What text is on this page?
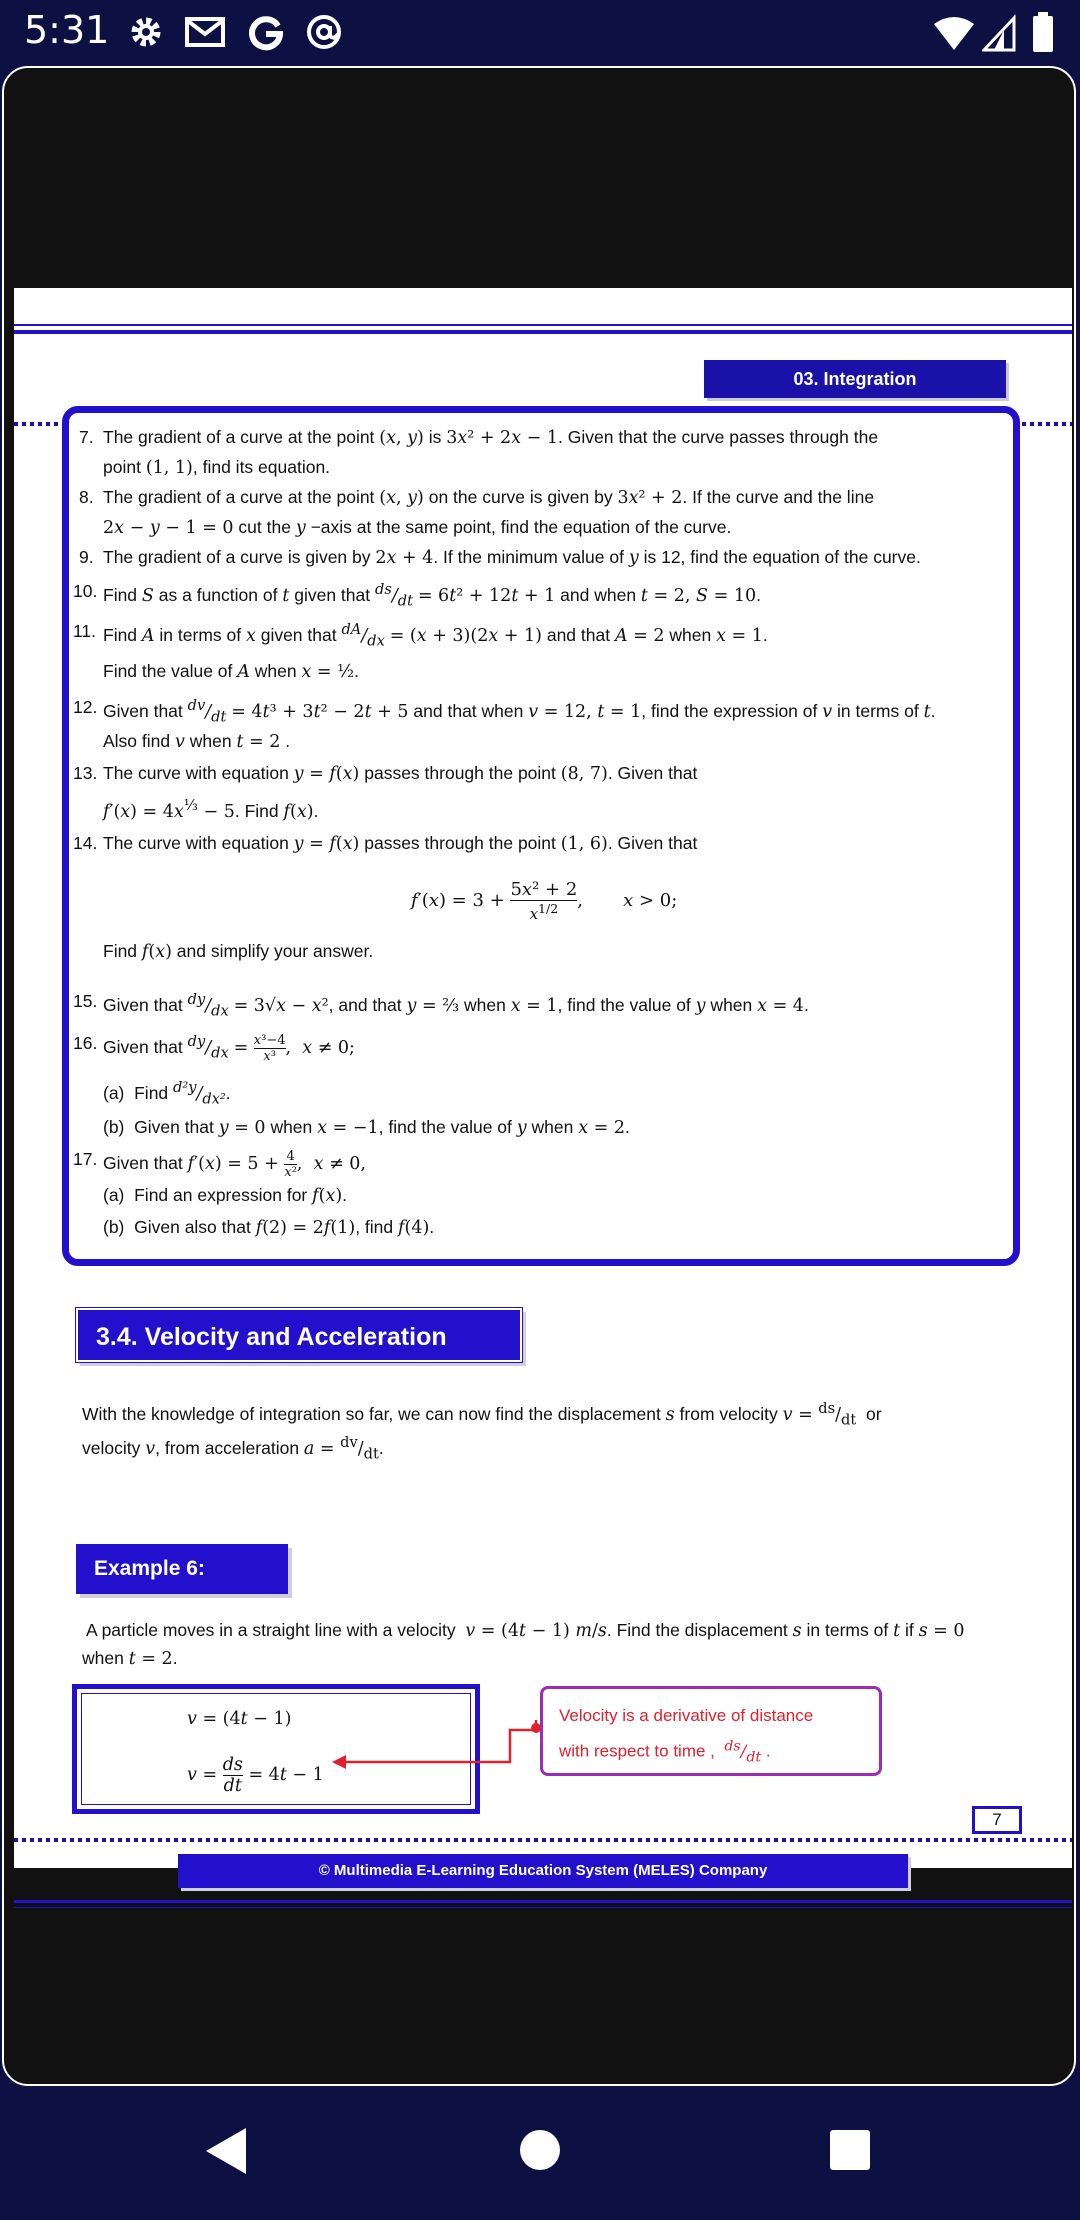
5:31
03. Integration
7. The gradient of a curve at the point (x, y) is 3x² + 2x − 1. Given that the curve passes through the
point (1, 1), find its equation.
8. The gradient of a curve at the point (x, y) on the curve is given by 3x² + 2. If the curve and the line
2x − y − 1 = 0 cut the y −axis at the same point, find the equation of the curve.
9. The gradient of a curve is given by 2x + 4. If the minimum value of y is 12, find the equation of the curve.
10. Find S as a function of t given that $^{ds}/_{dt} = 6t^2 + 12t + 1$ and when t = 2, S = 10.
11. Find A in terms of x given that $^{dA}/_{dx} = (x + 3)(2x + 1)$ and that A = 2 when x = 1.
Find the value of A when x = ½.
12. Given that $^{dv}/_{dt} = 4t^3 + 3t^2 - 2t + 5$ and that when v = 12, t = 1, find the expression of v in terms of t.
Also find v when t = 2 .
13. The curve with equation y = f(x) passes through the point (8, 7). Given that
$f'(x) = 4x^{\frac{1}{3}} - 5$. Find f(x).
14. The curve with equation y = f(x) passes through the point (1, 6). Given that
f′(x) = 3 +
5x² + 2
$x^{1/2}$	,       x > 0;
Find f(x) and simplify your answer.
15. Given that $^{dy}/_{dx} = 3√x - x^2$, and that y = ⅔ when x = 1, find the value of y when x = 4.
16. Given that $^{dy}/_{dx} = \frac{\text{x³−4}}{\text{x³}}$ ,  x ≠ 0;
(a)  Find $^{d^2y}/_{dx^2}$.
(b)  Given that y = 0 when x = −1, find the value of y when x = 2.
17. Given that $f'(x) = 5 + \frac{4}{\text{x²}}$ ,  x ≠ 0,
(a)  Find an expression for f(x).
(b)  Given also that f(2) = 2f(1), find f(4).
3.4. Velocity and Acceleration
With the knowledge of integration so far, we can now find the displacement s from velocity $v = ^{ds}/_{dt}$  or
velocity v, from acceleration $a = ^{dv}/_{dt}$.
Example 6:
A particle moves in a straight line with a velocity  v = (4t − 1) m/s. Find the displacement s in terms of t if s = 0
when t = 2.
v = (4t − 1)
$v = \frac{ds}{dt} = 4t - 1$
Velocity is a derivative of distance
with respect to time ,  $^{ds}/_{dt}$ .
7
© Multimedia E-Learning Education System (MELES) Company
